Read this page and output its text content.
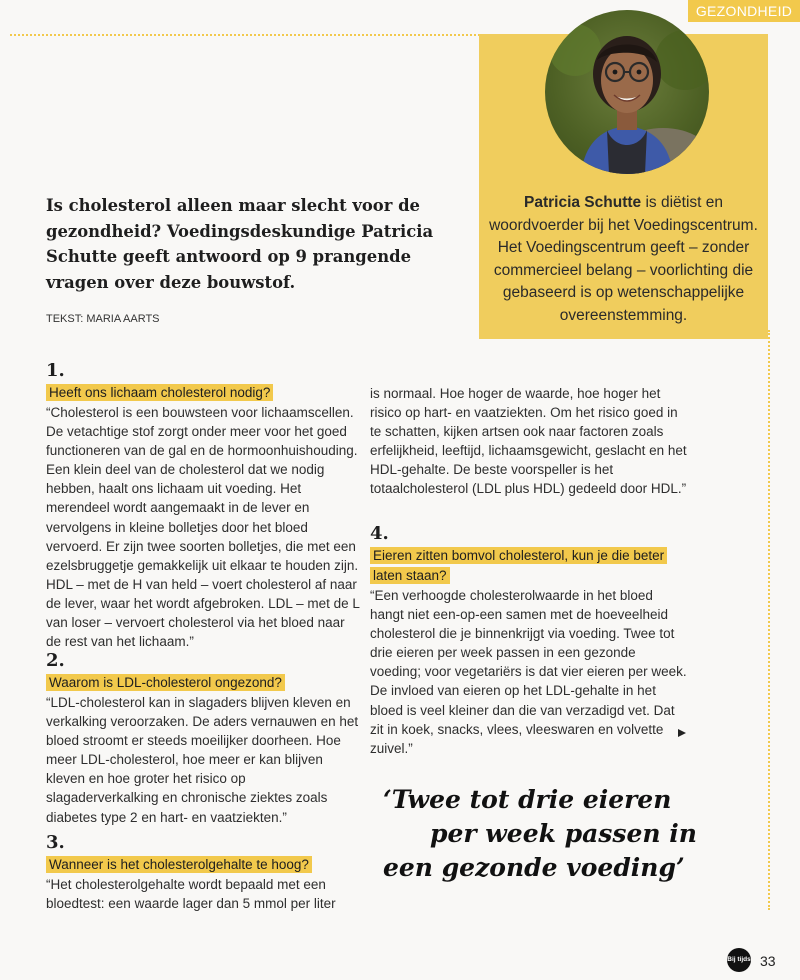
GEZONDHEID
Patricia Schutte is diëtist en woordvoerder bij het Voedingscentrum. Het Voedingscentrum geeft – zonder commercieel belang – voorlichting die gebaseerd is op wetenschappelijke overeenstemming.
Is cholesterol alleen maar slecht voor de gezondheid? Voedingsdeskundige Patricia Schutte geeft antwoord op 9 prangende vragen over deze bouwstof.
TEKST: MARIA AARTS
1.
Heeft ons lichaam cholesterol nodig?
“Cholesterol is een bouwsteen voor lichaamscellen. De vetachtige stof zorgt onder meer voor het goed functioneren van de gal en de hormoonhuishouding. Een klein deel van de cholesterol dat we nodig hebben, haalt ons lichaam uit voeding. Het merendeel wordt aangemaakt in de lever en vervolgens in kleine bolletjes door het bloed vervoerd. Er zijn twee soorten bolletjes, die met een ezelsbruggetje gemakkelijk uit elkaar te houden zijn. HDL – met de H van held – voert cholesterol af naar de lever, waar het wordt afgebroken. LDL – met de L van loser – vervoert cholesterol via het bloed naar de rest van het lichaam.”
2.
Waarom is LDL-cholesterol ongezond?
“LDL-cholesterol kan in slagaders blijven kleven en verkalking veroorzaken. De aders vernauwen en het bloed stroomt er steeds moeilijker doorheen. Hoe meer LDL-cholesterol, hoe meer er kan blijven kleven en hoe groter het risico op slagaderverkalking en chronische ziektes zoals diabetes type 2 en hart- en vaatziekten.”
3.
Wanneer is het cholesterolgehalte te hoog?
“Het cholesterolgehalte wordt bepaald met een bloedtest: een waarde lager dan 5 mmol per liter
is normaal. Hoe hoger de waarde, hoe hoger het risico op hart- en vaatziekten. Om het risico goed in te schatten, kijken artsen ook naar factoren zoals erfelijkheid, leeftijd, lichaamsgewicht, geslacht en het HDL-gehalte. De beste voorspeller is het totaalcholesterol (LDL plus HDL) gedeeld door HDL.”
4.
Eieren zitten bomvol cholesterol, kun je die beter laten staan?
“Een verhoogde cholesterolwaarde in het bloed hangt niet een-op-een samen met de hoeveelheid cholesterol die je binnenkrijgt via voeding. Twee tot drie eieren per week passen in een gezonde voeding; voor vegetariërs is dat vier eieren per week. De invloed van eieren op het LDL-gehalte in het bloed is veel kleiner dan die van verzadigd vet. Dat zit in koek, snacks, vlees, vleeswaren en volvette zuivel.”
‘Twee tot drie eieren
per week passen in
een gezonde voeding’
Bij tijds 33
